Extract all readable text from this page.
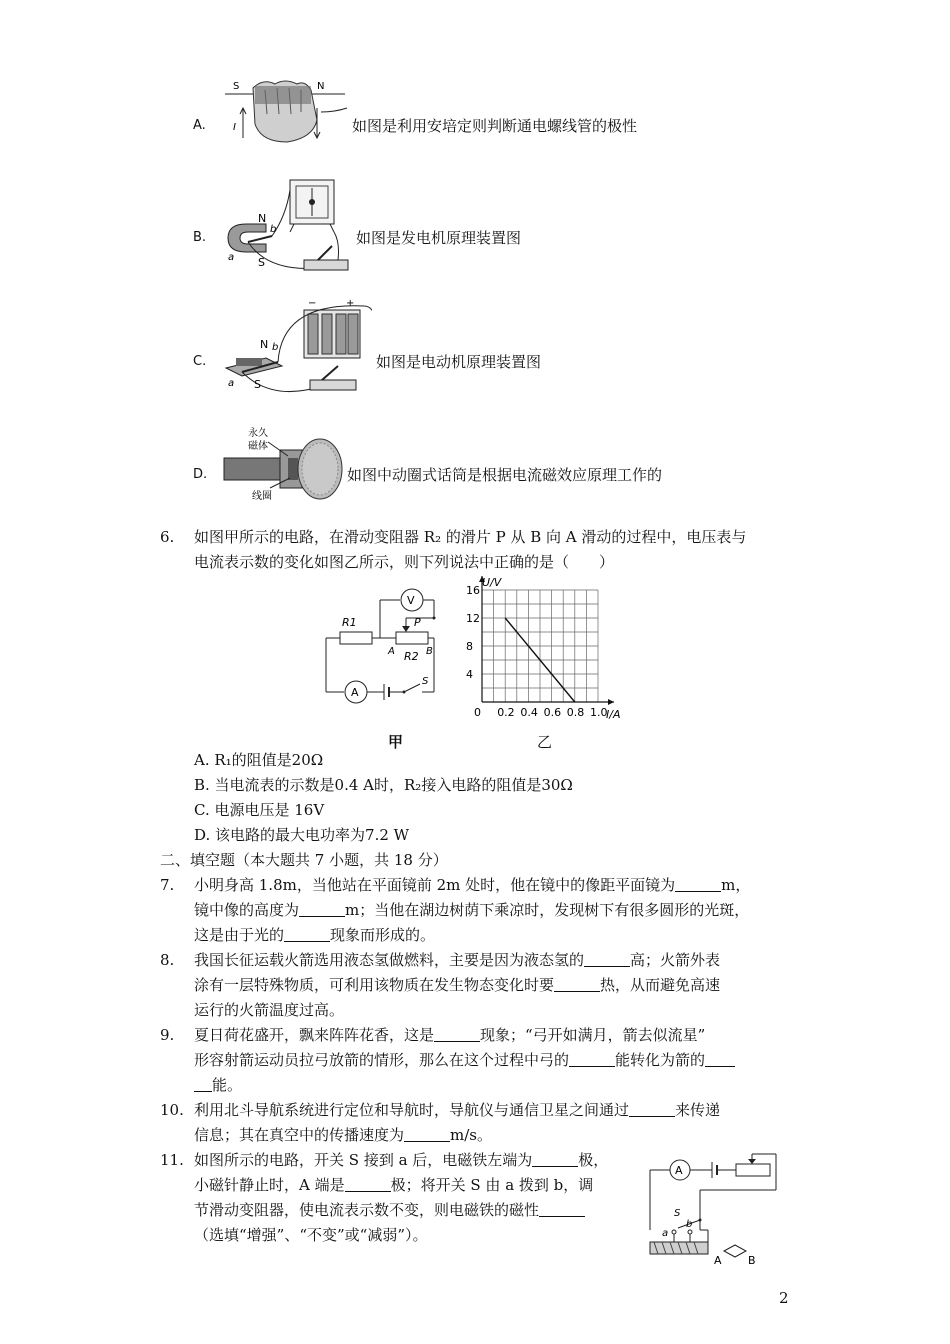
A.
S	N
I	如图是利用安培定则判断通电螺线管的极性
B.
N
b
a S
如图是发电机原理装置图
C.
+
−
N b
a S
如图是电动机原理装置图
D.
永久
磁体
线圈
如图中动圈式话筒是根据电流磁效应原理工作的
6. 如图甲所示的电路，在滑动变阻器 R₂ 的滑片 P 从 B 向 A 滑动的过程中，电压表与
电流表示数的变化如图乙所示，则下列说法中正确的是（　　）
A
S
V
R1	P
A R2 B
0 0.2 0.4 0.6 0.8 1.0
4
8
12
16
U/V
I/A
甲	乙
A. R₁的阻值是20Ω
B. 当电流表的示数是0.4 A时，R₂接入电路的阻值是30Ω
C. 电源电压是 16V
D. 该电路的最大电功率为7.2 W
二、填空题（本大题共 7 小题，共 18 分）
7. 小明身高 1.8m，当他站在平面镜前 2m 处时，他在镜中的像距平面镜为	m，
镜中像的高度为	m；当他在湖边树荫下乘凉时，发现树下有很多圆形的光斑，
这是由于光的	现象而形成的。
8. 我国长征运载火箭选用液态氢做燃料，主要是因为液态氢的	高；火箭外表
涂有一层特殊物质，可利用该物质在发生物态变化时要	热，从而避免高速
运行的火箭温度过高。
9. 夏日荷花盛开，飘来阵阵花香，这是	现象；“弓开如满月，箭去似流星”
形容射箭运动员拉弓放箭的情形，那么在这个过程中弓的	能转化为箭的
能。
10. 利用北斗导航系统进行定位和导航时，导航仪与通信卫星之间通过	来传递
信息；其在真空中的传播速度为	m/s。
11. 如图所示的电路，开关 S 接到 a 后，电磁铁左端为	极，
小磁针静止时，A 端是	极；将开关 S 由 a 拨到 b，调
节滑动变阻器，使电流表示数不变，则电磁铁的磁性
（选填“增强”、“不变”或“减弱”）。
A
S
a
b
A B
2
